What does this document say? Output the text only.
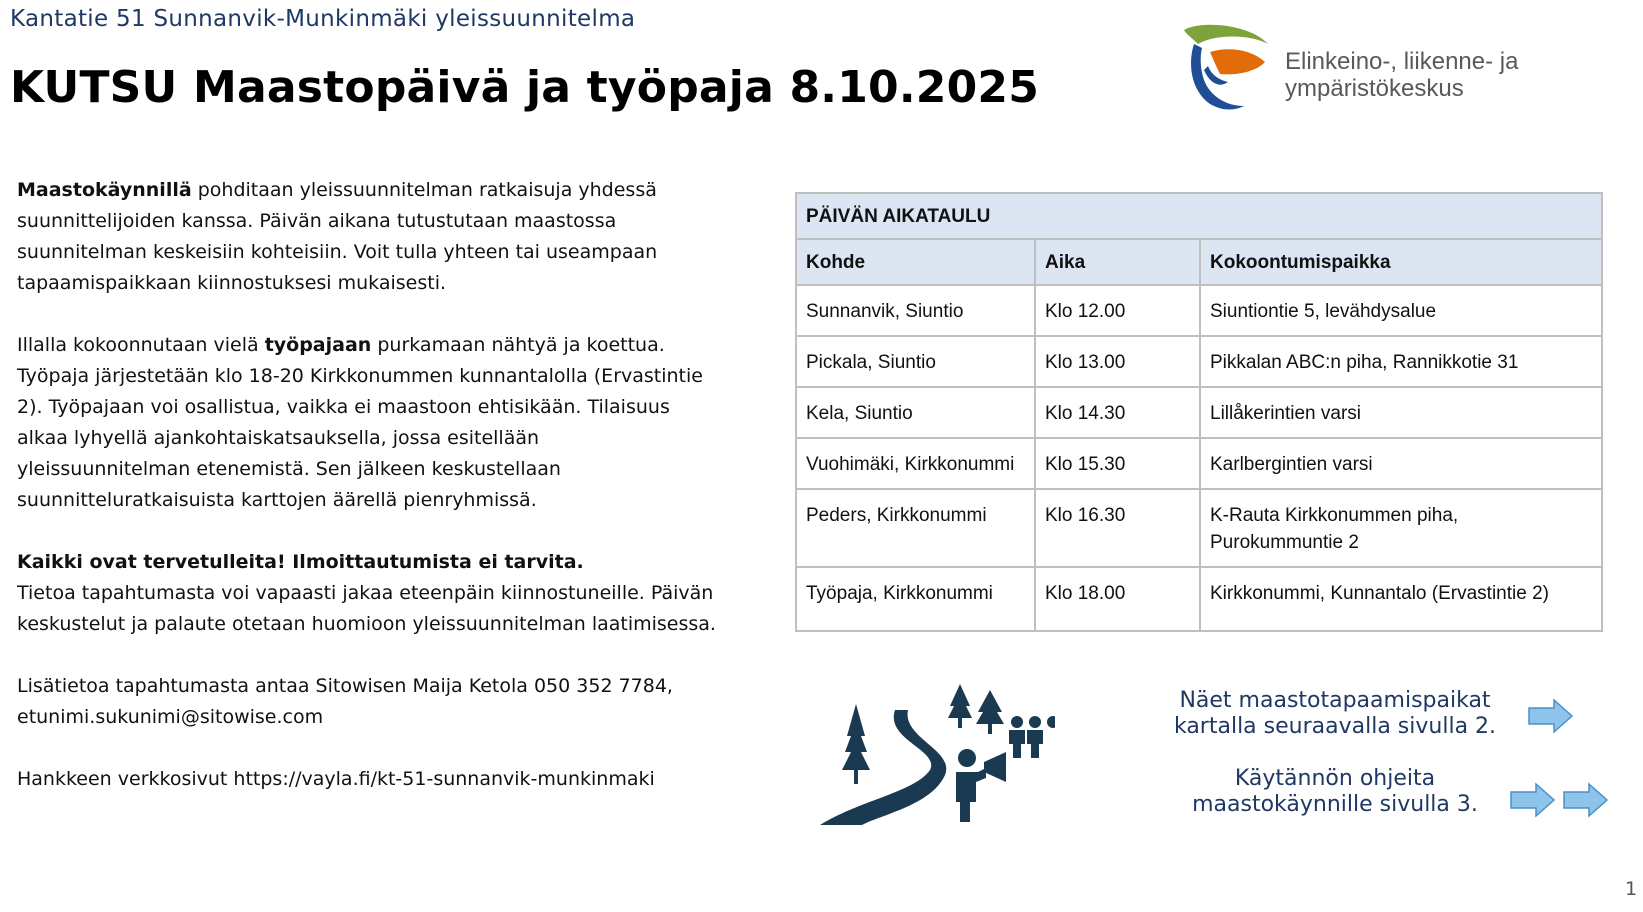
Kantatie 51 Sunnanvik-Munkinmäki yleissuunnitelma
KUTSU Maastopäivä ja työpaja 8.10.2025
Elinkeino-, liikenne- ja
ympäristökeskus

Maastokäynnillä pohditaan yleissuunnitelman ratkaisuja yhdessä suunnittelijoiden kanssa. Päivän aikana tutustutaan maastossa suunnitelman keskeisiin kohteisiin. Voit tulla yhteen tai useampaan tapaamispaikkaan kiinnostuksesi mukaisesti.

Illalla kokoonnutaan vielä työpajaan purkamaan nähtyä ja koettua. Työpaja järjestetään klo 18-20 Kirkkonummen kunnantalolla (Ervastintie 2). Työpajaan voi osallistua, vaikka ei maastoon ehtisikään. Tilaisuus alkaa lyhyellä ajankohtaiskatsauksella, jossa esitellään yleissuunnitelman etenemistä. Sen jälkeen keskustellaan suunnitteluratkaisuista karttojen äärellä pienryhmissä.

Kaikki ovat tervetulleita! Ilmoittautumista ei tarvita.
Tietoa tapahtumasta voi vapaasti jakaa eteenpäin kiinnostuneille. Päivän keskustelut ja palaute otetaan huomioon yleissuunnitelman laatimisessa.

Lisätietoa tapahtumasta antaa Sitowisen Maija Ketola 050 352 7784, etunimi.sukunimi@sitowise.com

Hankkeen verkkosivut https://vayla.fi/kt-51-sunnanvik-munkinmaki

PÄIVÄN AIKATAULU		
Kohde	Aika	Kokoontumispaikka
Sunnanvik, Siuntio	Klo 12.00	Siuntiontie 5, levähdysalue
Pickala, Siuntio	Klo 13.00	Pikkalan ABC:n piha, Rannikkotie 31
Kela, Siuntio	Klo 14.30	Lillåkerintien varsi
Vuohimäki, Kirkkonummi	Klo 15.30	Karlbergintien varsi
Peders, Kirkkonummi	Klo 16.30	K-Rauta Kirkkonummen piha, Purokummuntie 2
Työpaja, Kirkkonummi	Klo 18.00	Kirkkonummi, Kunnantalo (Ervastintie 2)
Näet maastotapaamispaikat
kartalla seuraavalla sivulla 2.
Käytännön ohjeita
maastokäynnille sivulla 3.
1
